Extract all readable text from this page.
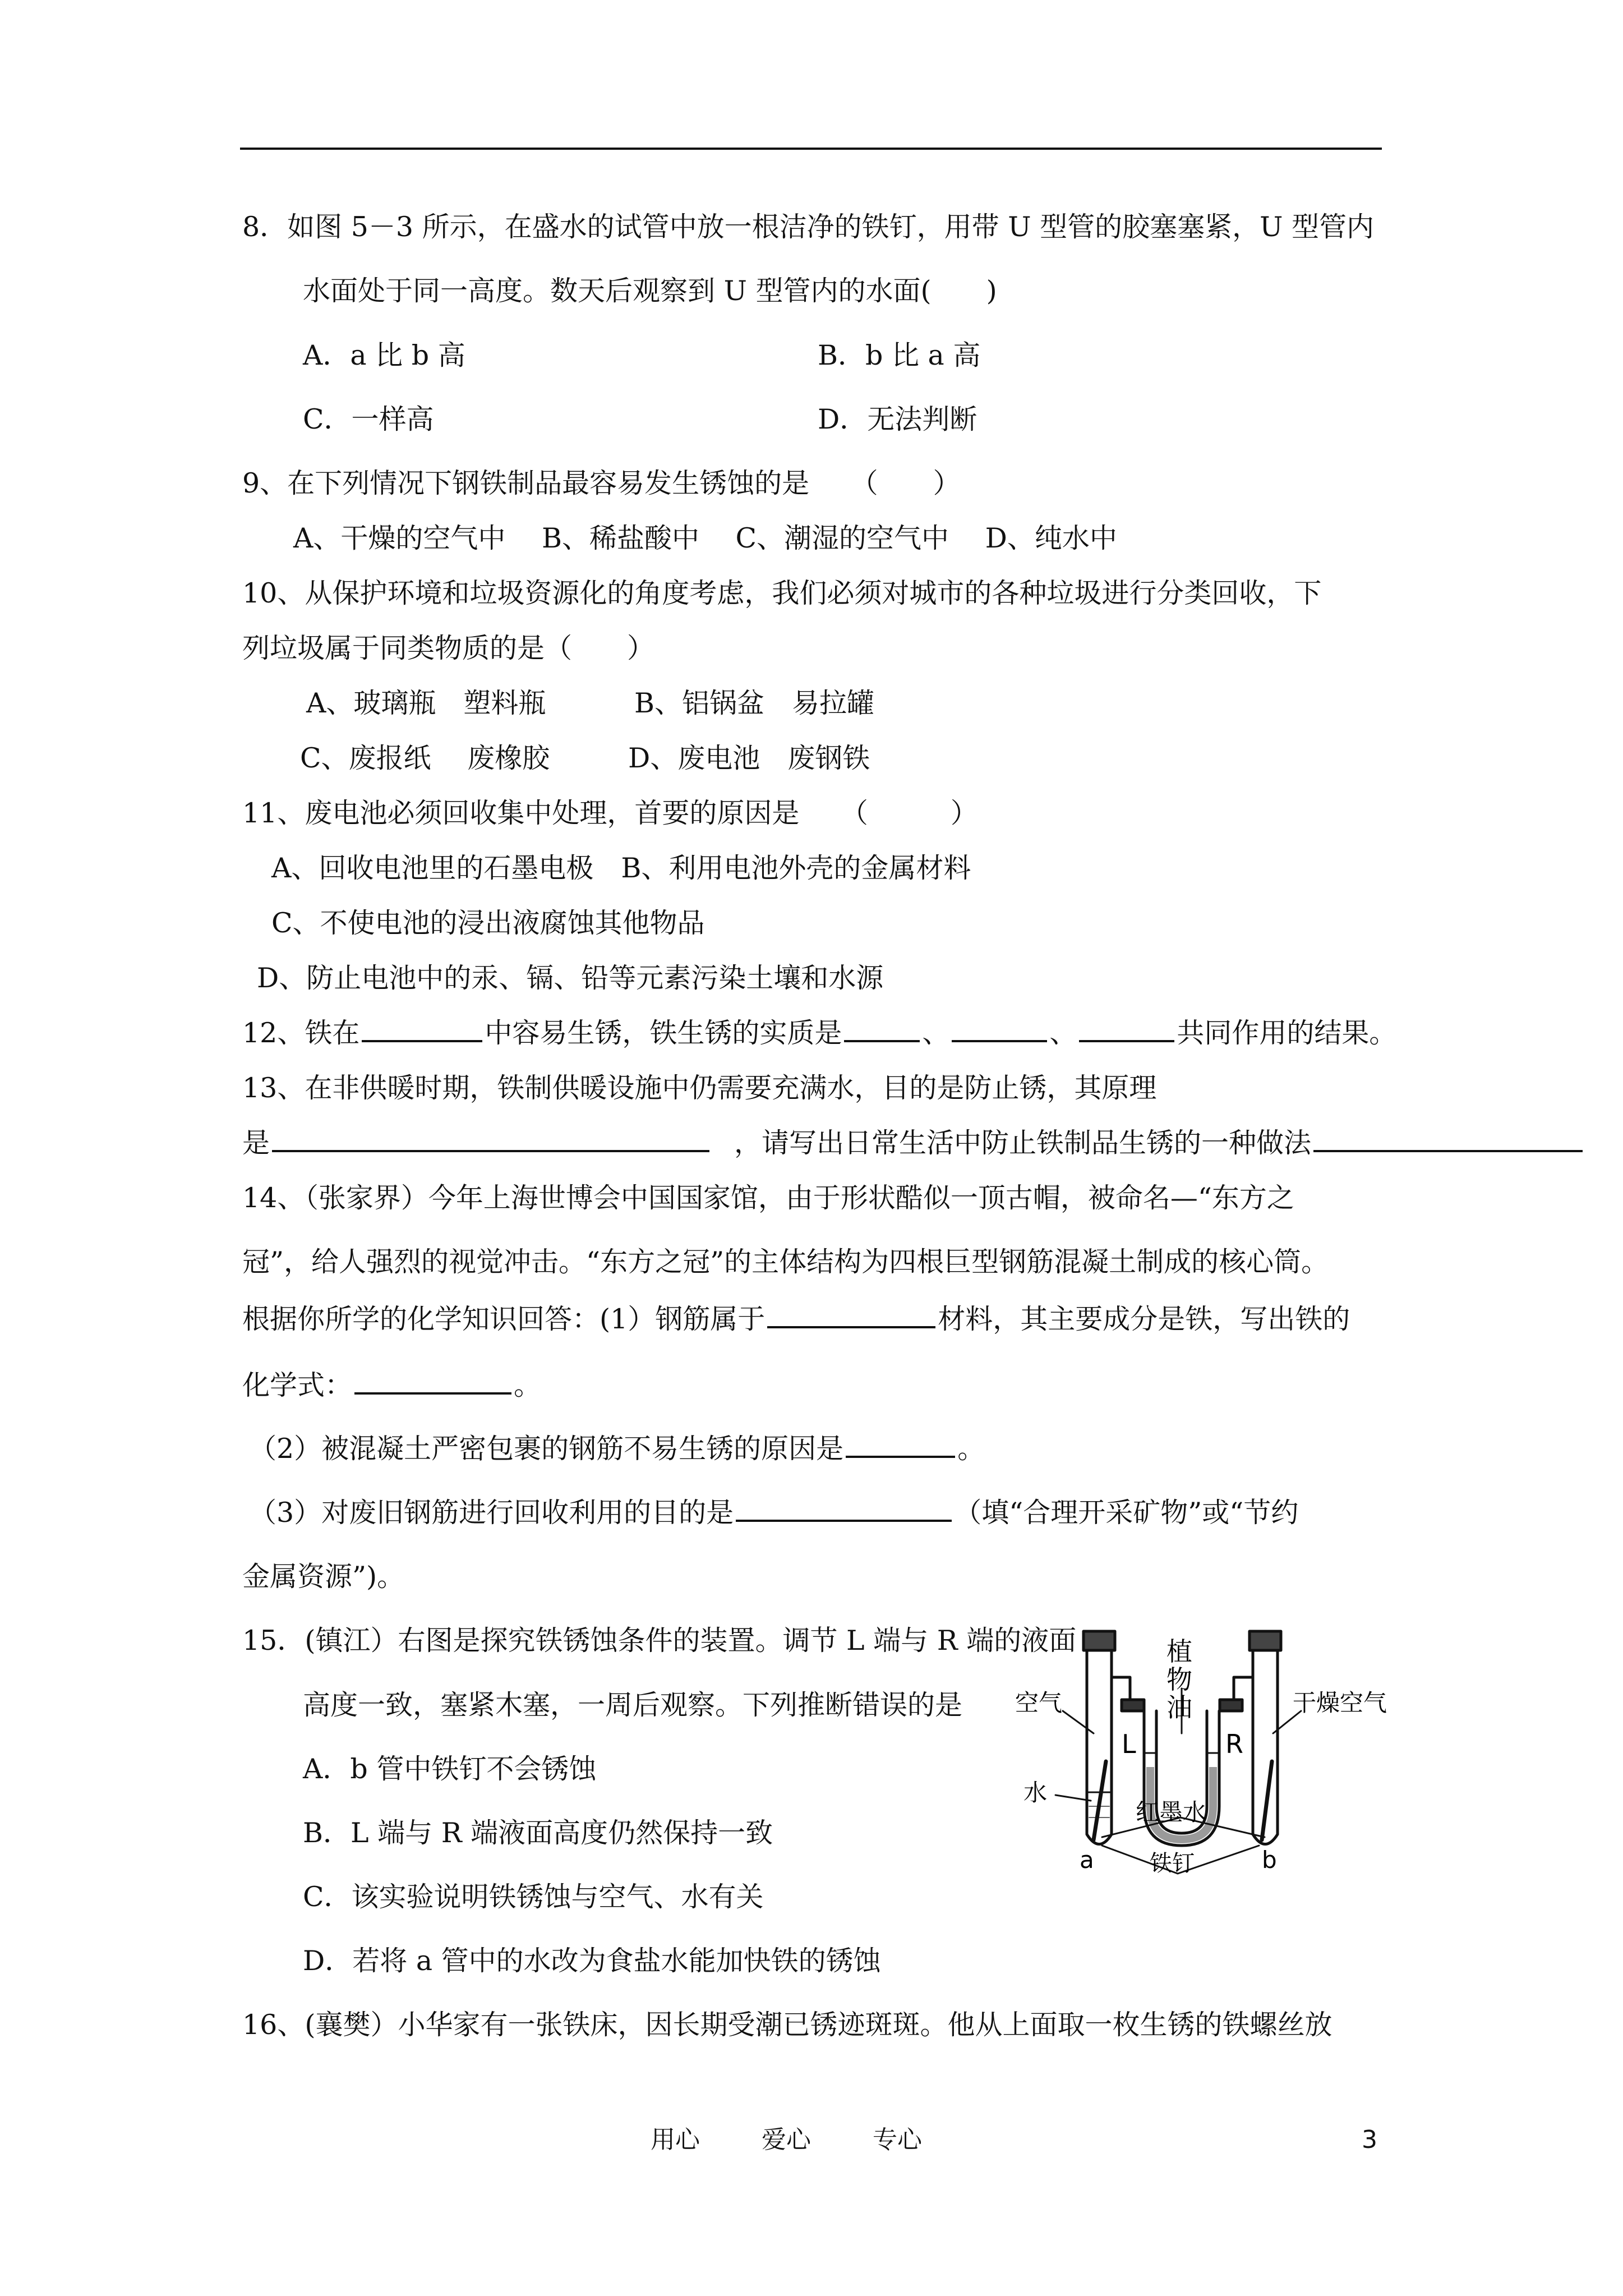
8．如图 5－3 所示，在盛水的试管中放一根洁净的铁钉，用带 U 型管的胶塞塞紧，U 型管内
水面处于同一高度。数天后观察到 U 型管内的水面(　　)
A．a 比 b 高	B．b 比 a 高
C．一样高	D．无法判断
9、在下列情况下钢铁制品最容易发生锈蚀的是　　（　　）
A、干燥的空气中　 B、稀盐酸中　 C、潮湿的空气中　 D、纯水中
10、从保护环境和垃圾资源化的角度考虑，我们必须对城市的各种垃圾进行分类回收，下
列垃圾属于同类物质的是（　　）
A、玻璃瓶　塑料瓶	B、铝锅盆　易拉罐
C、废报纸　 废橡胶	D、废电池　废钢铁
11、废电池必须回收集中处理，首要的原因是　　（　　　）
A、回收电池里的石墨电极　B、利用电池外壳的金属材料
C、不使电池的浸出液腐蚀其他物品
D、防止电池中的汞、镉、铅等元素污染土壤和水源
12、铁在	中容易生锈，铁生锈的实质是	、	、	共同作用的结果。
13、在非供暖时期，铁制供暖设施中仍需要充满水，目的是防止锈，其原理
是	，请写出日常生活中防止铁制品生锈的一种做法
14、（张家界）今年上海世博会中国国家馆，由于形状酷似一顶古帽，被命名—“东方之
冠”，给人强烈的视觉冲击。“东方之冠”的主体结构为四根巨型钢筋混凝土制成的核心筒。
根据你所学的化学知识回答：(1）钢筋属于	材料，其主要成分是铁，写出铁的
化学式：	。
（2）被混凝土严密包裹的钢筋不易生锈的原因是	。
（3）对废旧钢筋进行回收利用的目的是	（填“合理开采矿物”或“节约
金属资源”)。
15．(镇江）右图是探究铁锈蚀条件的装置。调节 L 端与 R 端的液面
高度一致，塞紧木塞，一周后观察。下列推断错误的是
A．b 管中铁钉不会锈蚀
B．L 端与 R 端液面高度仍然保持一致
C．该实验说明铁锈蚀与空气、水有关
D．若将 a 管中的水改为食盐水能加快铁的锈蚀
植
物
油
空气	干燥空气
L	R
水
红墨水
铁钉
a	b
16、(襄樊）小华家有一张铁床，因长期受潮已锈迹斑斑。他从上面取一枚生锈的铁螺丝放
用心	爱心	专心	3
